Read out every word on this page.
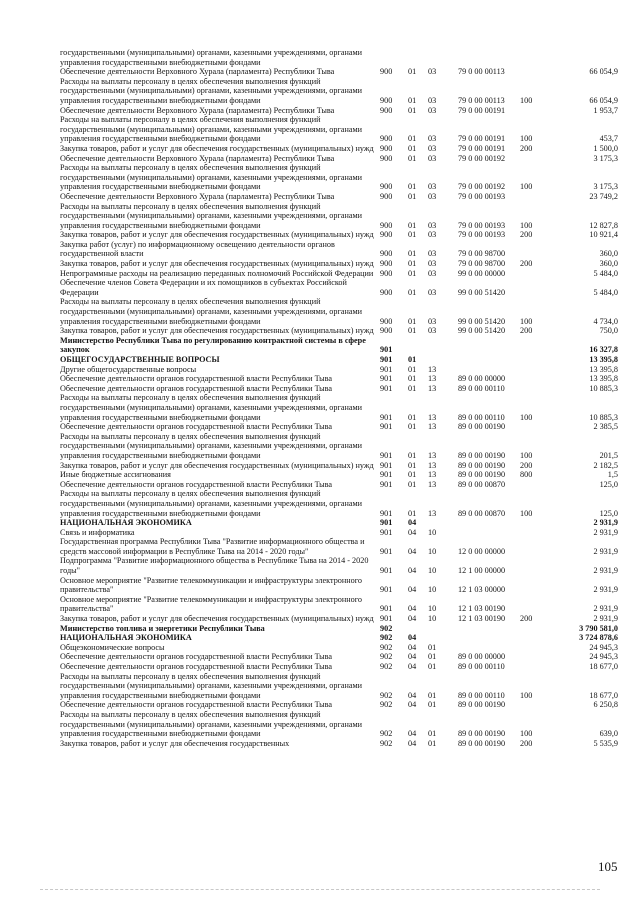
государственными (муниципальными) органами, казенными учреждениями, органами управления государственными внебюджетными фондами						
Обеспечение деятельности Верховного Хурала (парламента) Республики Тыва	900	01	03	79 0 00 00113		66 054,9
Расходы на выплаты персоналу в целях обеспечения выполнения функций государственными (муниципальными) органами, казенными учреждениями, органами управления государственными внебюджетными фондами	900	01	03	79 0 00 00113	100	66 054,9
Обеспечение деятельности Верховного Хурала (парламента) Республики Тыва	900	01	03	79 0 00 00191		1 953,7
Расходы на выплаты персоналу в целях обеспечения выполнения функций государственными (муниципальными) органами, казенными учреждениями, органами управления государственными внебюджетными фондами	900	01	03	79 0 00 00191	100	453,7
Закупка товаров, работ и услуг для обеспечения государственных (муниципальных) нужд	900	01	03	79 0 00 00191	200	1 500,0
Обеспечение деятельности Верховного Хурала (парламента) Республики Тыва	900	01	03	79 0 00 00192		3 175,3
Расходы на выплаты персоналу в целях обеспечения выполнения функций государственными (муниципальными) органами, казенными учреждениями, органами управления государственными внебюджетными фондами	900	01	03	79 0 00 00192	100	3 175,3
Обеспечение деятельности Верховного Хурала (парламента) Республики Тыва	900	01	03	79 0 00 00193		23 749,2
Расходы на выплаты персоналу в целях обеспечения выполнения функций государственными (муниципальными) органами, казенными учреждениями, органами управления государственными внебюджетными фондами	900	01	03	79 0 00 00193	100	12 827,8
Закупка товаров, работ и услуг для обеспечения государственных (муниципальных) нужд	900	01	03	79 0 00 00193	200	10 921,4
Закупка работ (услуг) по информационному освещению деятельности органов государственной власти	900	01	03	79 0 00 98700		360,0
Закупка товаров, работ и услуг для обеспечения государственных (муниципальных) нужд	900	01	03	79 0 00 98700	200	360,0
Непрограммные расходы на реализацию переданных полномочий Российской Федерации	900	01	03	99 0 00 00000		5 484,0
Обеспечение членов Совета Федерации и их помощников в субъектах Российской Федерации	900	01	03	99 0 00 51420		5 484,0
Расходы на выплаты персоналу в целях обеспечения выполнения функций государственными (муниципальными) органами, казенными учреждениями, органами управления государственными внебюджетными фондами	900	01	03	99 0 00 51420	100	4 734,0
Закупка товаров, работ и услуг для обеспечения государственных (муниципальных) нужд	900	01	03	99 0 00 51420	200	750,0
Министерство Республики Тыва по регулированию контрактной системы в сфере закупок	901					16 327,8
ОБЩЕГОСУДАРСТВЕННЫЕ ВОПРОСЫ	901	01				13 395,8
Другие общегосударственные вопросы	901	01	13			13 395,8
Обеспечение деятельности органов государственной власти Республики Тыва	901	01	13	89 0 00 00000		13 395,8
Обеспечение деятельности органов государственной власти Республики Тыва	901	01	13	89 0 00 00110		10 885,3
Расходы на выплаты персоналу в целях обеспечения выполнения функций государственными (муниципальными) органами, казенными учреждениями, органами управления государственными внебюджетными фондами	901	01	13	89 0 00 00110	100	10 885,3
Обеспечение деятельности органов государственной власти Республики Тыва	901	01	13	89 0 00 00190		2 385,5
Расходы на выплаты персоналу в целях обеспечения выполнения функций государственными (муниципальными) органами, казенными учреждениями, органами управления государственными внебюджетными фондами	901	01	13	89 0 00 00190	100	201,5
Закупка товаров, работ и услуг для обеспечения государственных (муниципальных) нужд	901	01	13	89 0 00 00190	200	2 182,5
Иные бюджетные ассигнования	901	01	13	89 0 00 00190	800	1,5
Обеспечение деятельности органов государственной власти Республики Тыва	901	01	13	89 0 00 00870		125,0
Расходы на выплаты персоналу в целях обеспечения выполнения функций государственными (муниципальными) органами, казенными учреждениями, органами управления государственными внебюджетными фондами	901	01	13	89 0 00 00870	100	125,0
НАЦИОНАЛЬНАЯ ЭКОНОМИКА	901	04				2 931,9
Связь и информатика	901	04	10			2 931,9
Государственная программа Республики Тыва "Развитие информационного общества и средств массовой информации в Республике Тыва на 2014 - 2020 годы"	901	04	10	12 0 00 00000		2 931,9
Подпрограмма "Развитие информационного общества в Республике Тыва на 2014 - 2020 годы"	901	04	10	12 1 00 00000		2 931,9
Основное мероприятие "Развитие телекоммуникации и инфраструктуры электронного правительства"	901	04	10	12 1 03 00000		2 931,9
Основное мероприятие "Развитие телекоммуникации и инфраструктуры электронного правительства"	901	04	10	12 1 03 00190		2 931,9
Закупка товаров, работ и услуг для обеспечения государственных (муниципальных) нужд	901	04	10	12 1 03 00190	200	2 931,9
Министерство топлива и энергетики Республики Тыва	902					3 790 581,0
НАЦИОНАЛЬНАЯ ЭКОНОМИКА	902	04				3 724 878,6
Общеэкономические вопросы	902	04	01			24 945,3
Обеспечение деятельности органов государственной власти Республики Тыва	902	04	01	89 0 00 00000		24 945,3
Обеспечение деятельности органов государственной власти Республики Тыва	902	04	01	89 0 00 00110		18 677,0
Расходы на выплаты персоналу в целях обеспечения выполнения функций государственными (муниципальными) органами, казенными учреждениями, органами управления государственными внебюджетными фондами	902	04	01	89 0 00 00110	100	18 677,0
Обеспечение деятельности органов государственной власти Республики Тыва	902	04	01	89 0 00 00190		6 250,8
Расходы на выплаты персоналу в целях обеспечения выполнения функций государственными (муниципальными) органами, казенными учреждениями, органами управления государственными внебюджетными фондами	902	04	01	89 0 00 00190	100	639,0
Закупка товаров, работ и услуг для обеспечения государственных	902	04	01	89 0 00 00190	200	5 535,9
105
